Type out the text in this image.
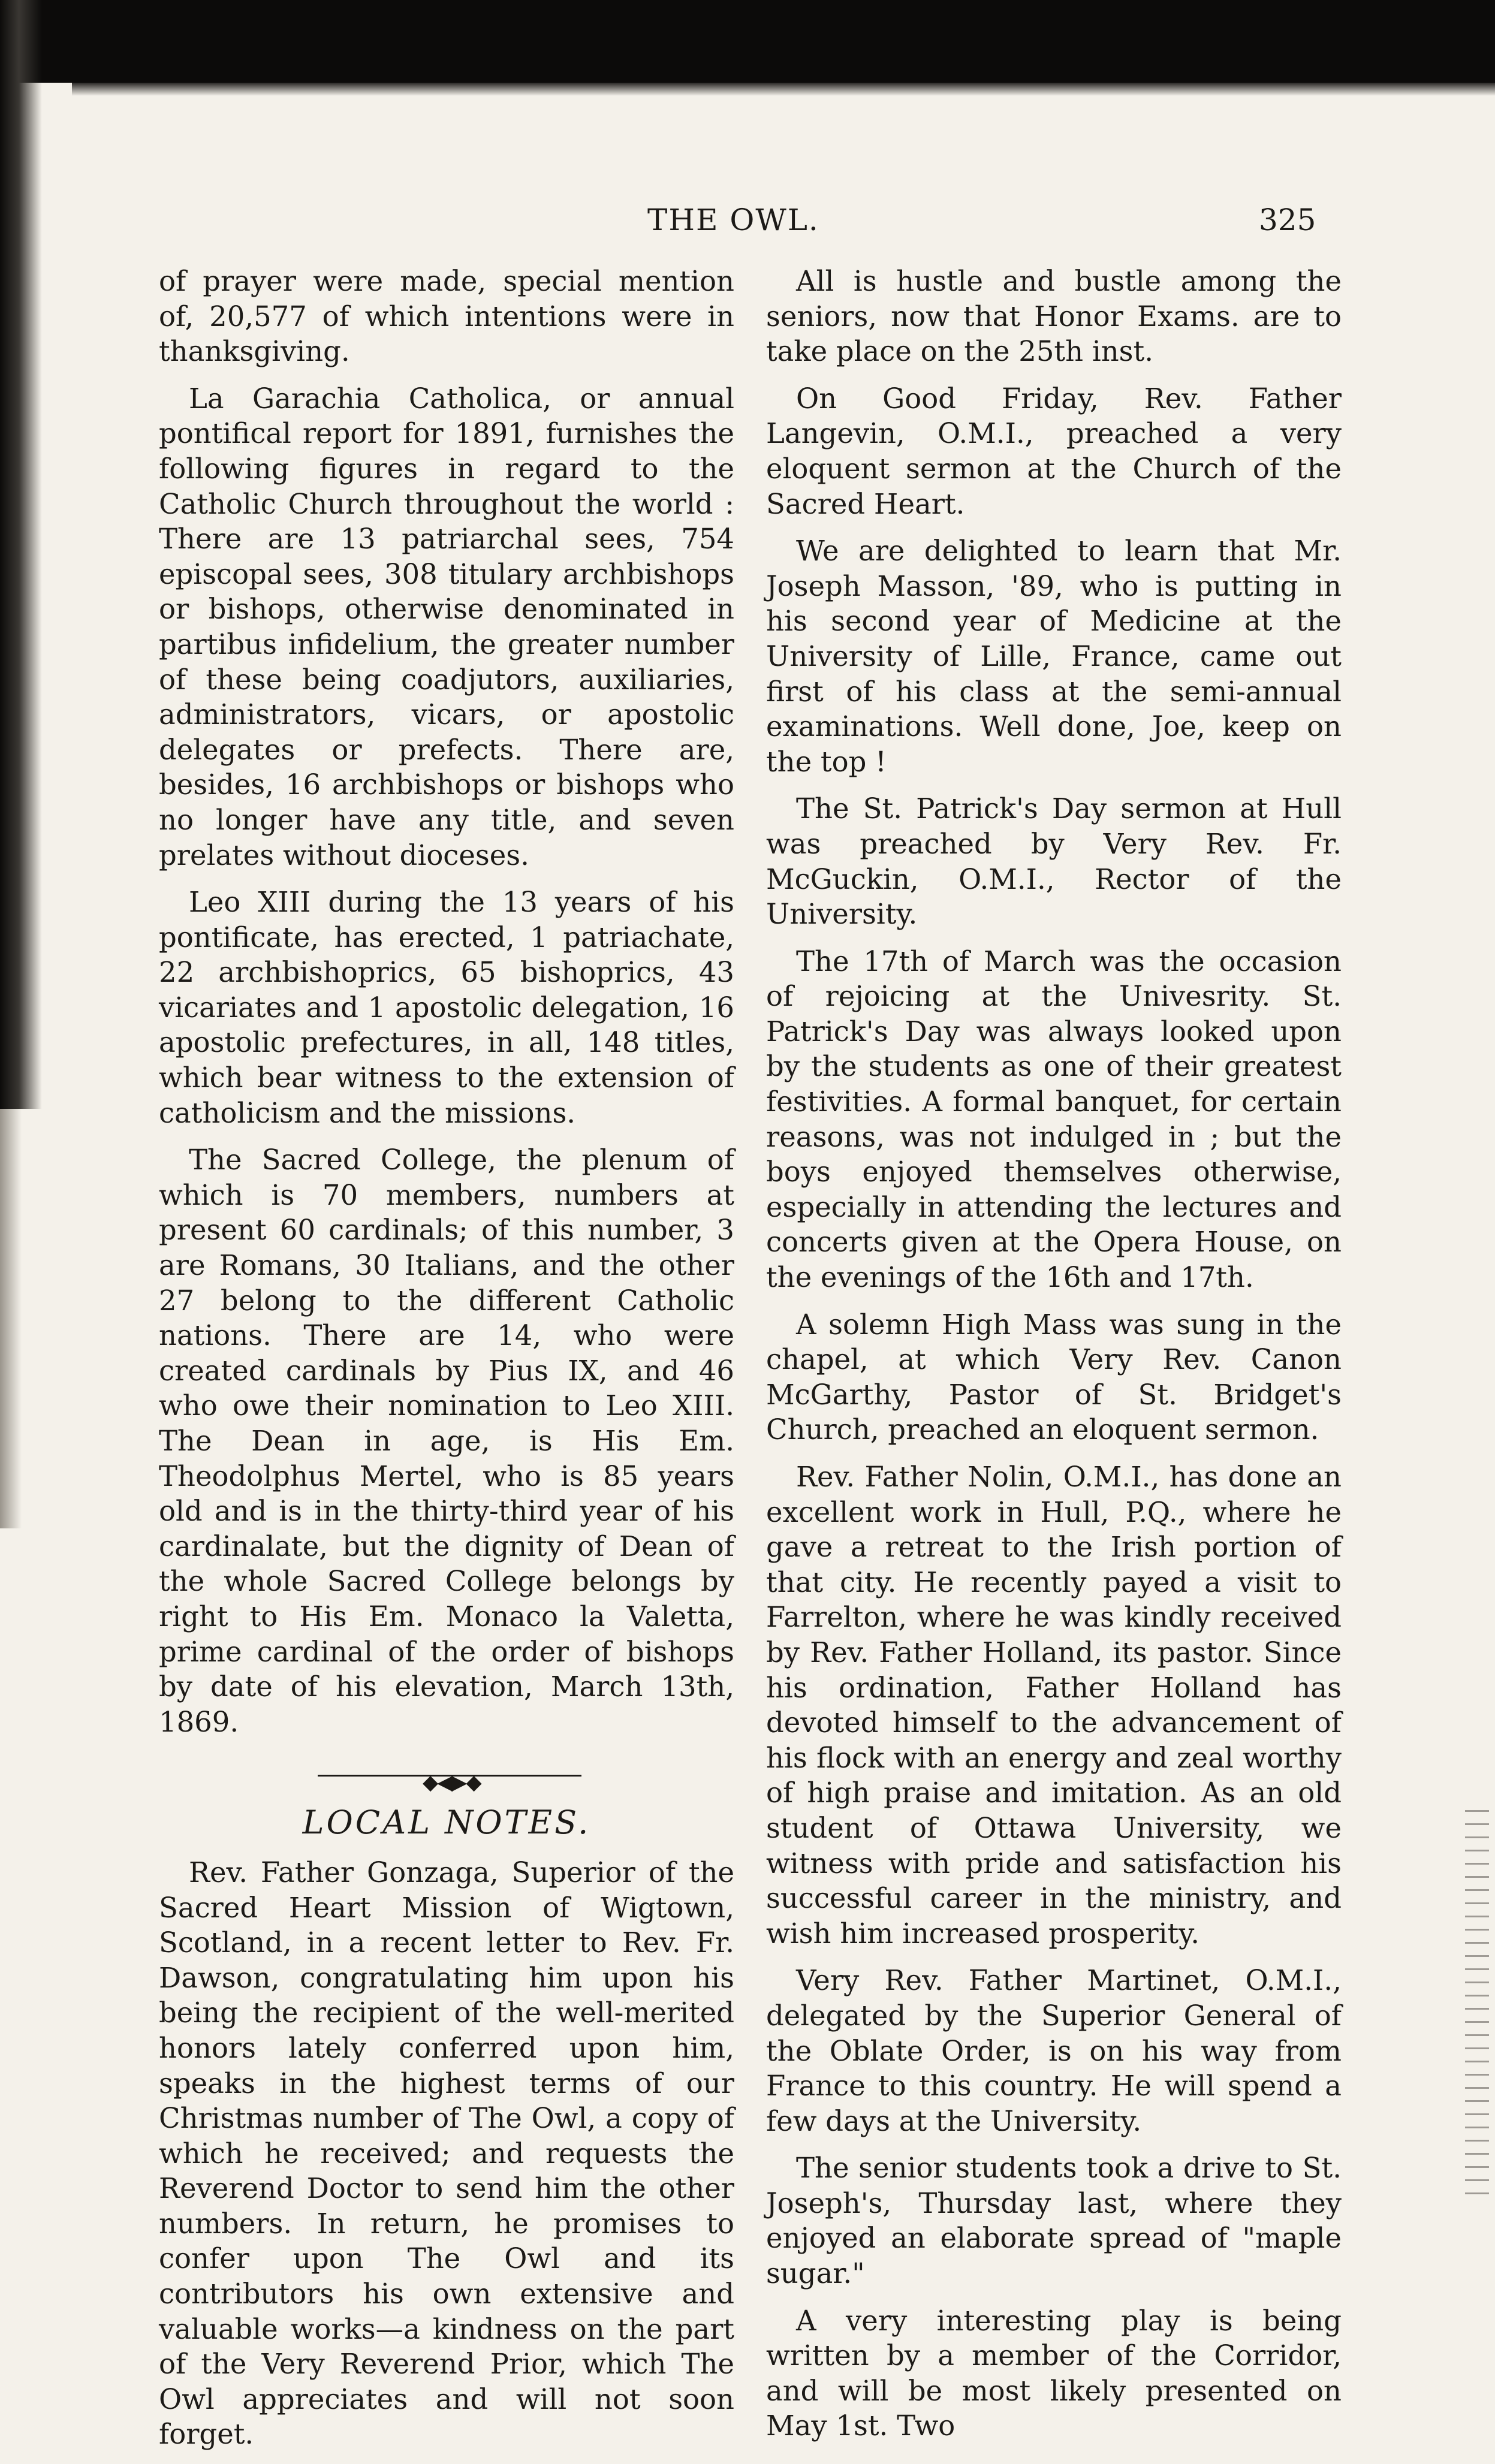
THE OWL.	325

of prayer were made, special mention of, 20,577 of which intentions were in thanksgiving.

La Garachia Catholica, or annual pontifical report for 1891, furnishes the following figures in regard to the Catholic Church throughout the world : There are 13 patriarchal sees, 754 episcopal sees, 308 titulary archbishops or bishops, otherwise denominated in partibus infidelium, the greater number of these being coadjutors, auxiliaries, administrators, vicars, or apostolic delegates or prefects. There are, besides, 16 archbishops or bishops who no longer have any title, and seven prelates without dioceses.

Leo XIII during the 13 years of his pontificate, has erected, 1 patriachate, 22 archbishoprics, 65 bishoprics, 43 vicariates and 1 apostolic delegation, 16 apostolic prefectures, in all, 148 titles, which bear witness to the extension of catholicism and the missions.

The Sacred College, the plenum of which is 70 members, numbers at present 60 cardinals; of this number, 3 are Romans, 30 Italians, and the other 27 belong to the different Catholic nations. There are 14, who were created cardinals by Pius IX, and 46 who owe their nomination to Leo XIII. The Dean in age, is His Em. Theodolphus Mertel, who is 85 years old and is in the thirty-third year of his cardinalate, but the dignity of Dean of the whole Sacred College belongs by right to His Em. Monaco la Valetta, prime cardinal of the order of bishops by date of his elevation, March 13th, 1869.

◆◀▶◆
LOCAL NOTES.

Rev. Father Gonzaga, Superior of the Sacred Heart Mission of Wigtown, Scotland, in a recent letter to Rev. Fr. Dawson, congratulating him upon his being the recipient of the well-merited honors lately conferred upon him, speaks in the highest terms of our Christmas number of The Owl, a copy of which he received; and requests the Reverend Doctor to send him the other numbers. In return, he promises to confer upon The Owl and its contributors his own extensive and valuable works—a kindness on the part of the Very Reverend Prior, which The Owl appreciates and will not soon forget.

All is hustle and bustle among the seniors, now that Honor Exams. are to take place on the 25th inst.

On Good Friday, Rev. Father Langevin, O.M.I., preached a very eloquent sermon at the Church of the Sacred Heart.

We are delighted to learn that Mr. Joseph Masson, '89, who is putting in his second year of Medicine at the University of Lille, France, came out first of his class at the semi-annual examinations. Well done, Joe, keep on the top !

The St. Patrick's Day sermon at Hull was preached by Very Rev. Fr. McGuckin, O.M.I., Rector of the University.

The 17th of March was the occasion of rejoicing at the Univesrity. St. Patrick's Day was always looked upon by the students as one of their greatest festivities. A formal banquet, for certain reasons, was not indulged in ; but the boys enjoyed themselves otherwise, especially in attending the lectures and concerts given at the Opera House, on the evenings of the 16th and 17th.

A solemn High Mass was sung in the chapel, at which Very Rev. Canon McGarthy, Pastor of St. Bridget's Church, preached an eloquent sermon.

Rev. Father Nolin, O.M.I., has done an excellent work in Hull, P.Q., where he gave a retreat to the Irish portion of that city. He recently payed a visit to Farrelton, where he was kindly received by Rev. Father Holland, its pastor. Since his ordination, Father Holland has devoted himself to the advancement of his flock with an energy and zeal worthy of high praise and imitation. As an old student of Ottawa University, we witness with pride and satisfaction his successful career in the ministry, and wish him increased prosperity.

Very Rev. Father Martinet, O.M.I., delegated by the Superior General of the Oblate Order, is on his way from France to this country. He will spend a few days at the University.

The senior students took a drive to St. Joseph's, Thursday last, where they enjoyed an elaborate spread of "maple sugar."

A very interesting play is being written by a member of the Corridor, and will be most likely presented on May 1st. Two
